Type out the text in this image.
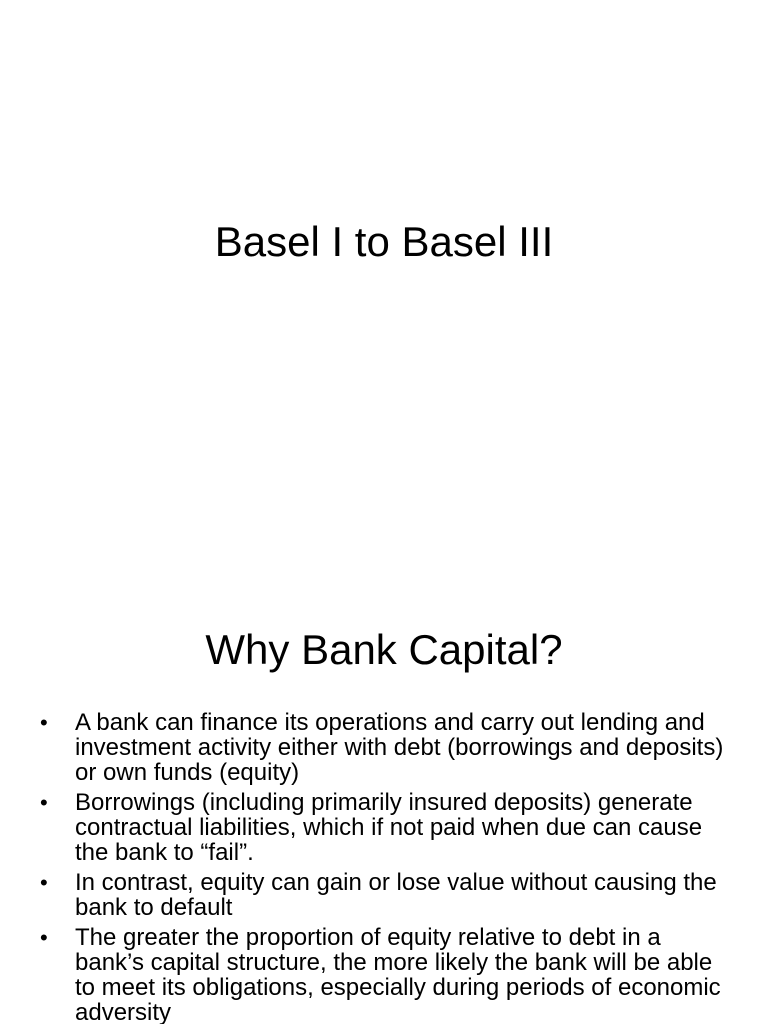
Basel I to Basel III
Why Bank Capital?
• A bank can finance its operations and carry out lending and investment activity either with debt (borrowings and deposits) or own funds (equity)
• Borrowings (including primarily insured deposits) generate contractual liabilities, which if not paid when due can cause the bank to “fail”.
• In contrast, equity can gain or lose value without causing the bank to default
• The greater the proportion of equity relative to debt in a bank’s capital structure, the more likely the bank will be able to meet its obligations, especially during periods of economic adversity
